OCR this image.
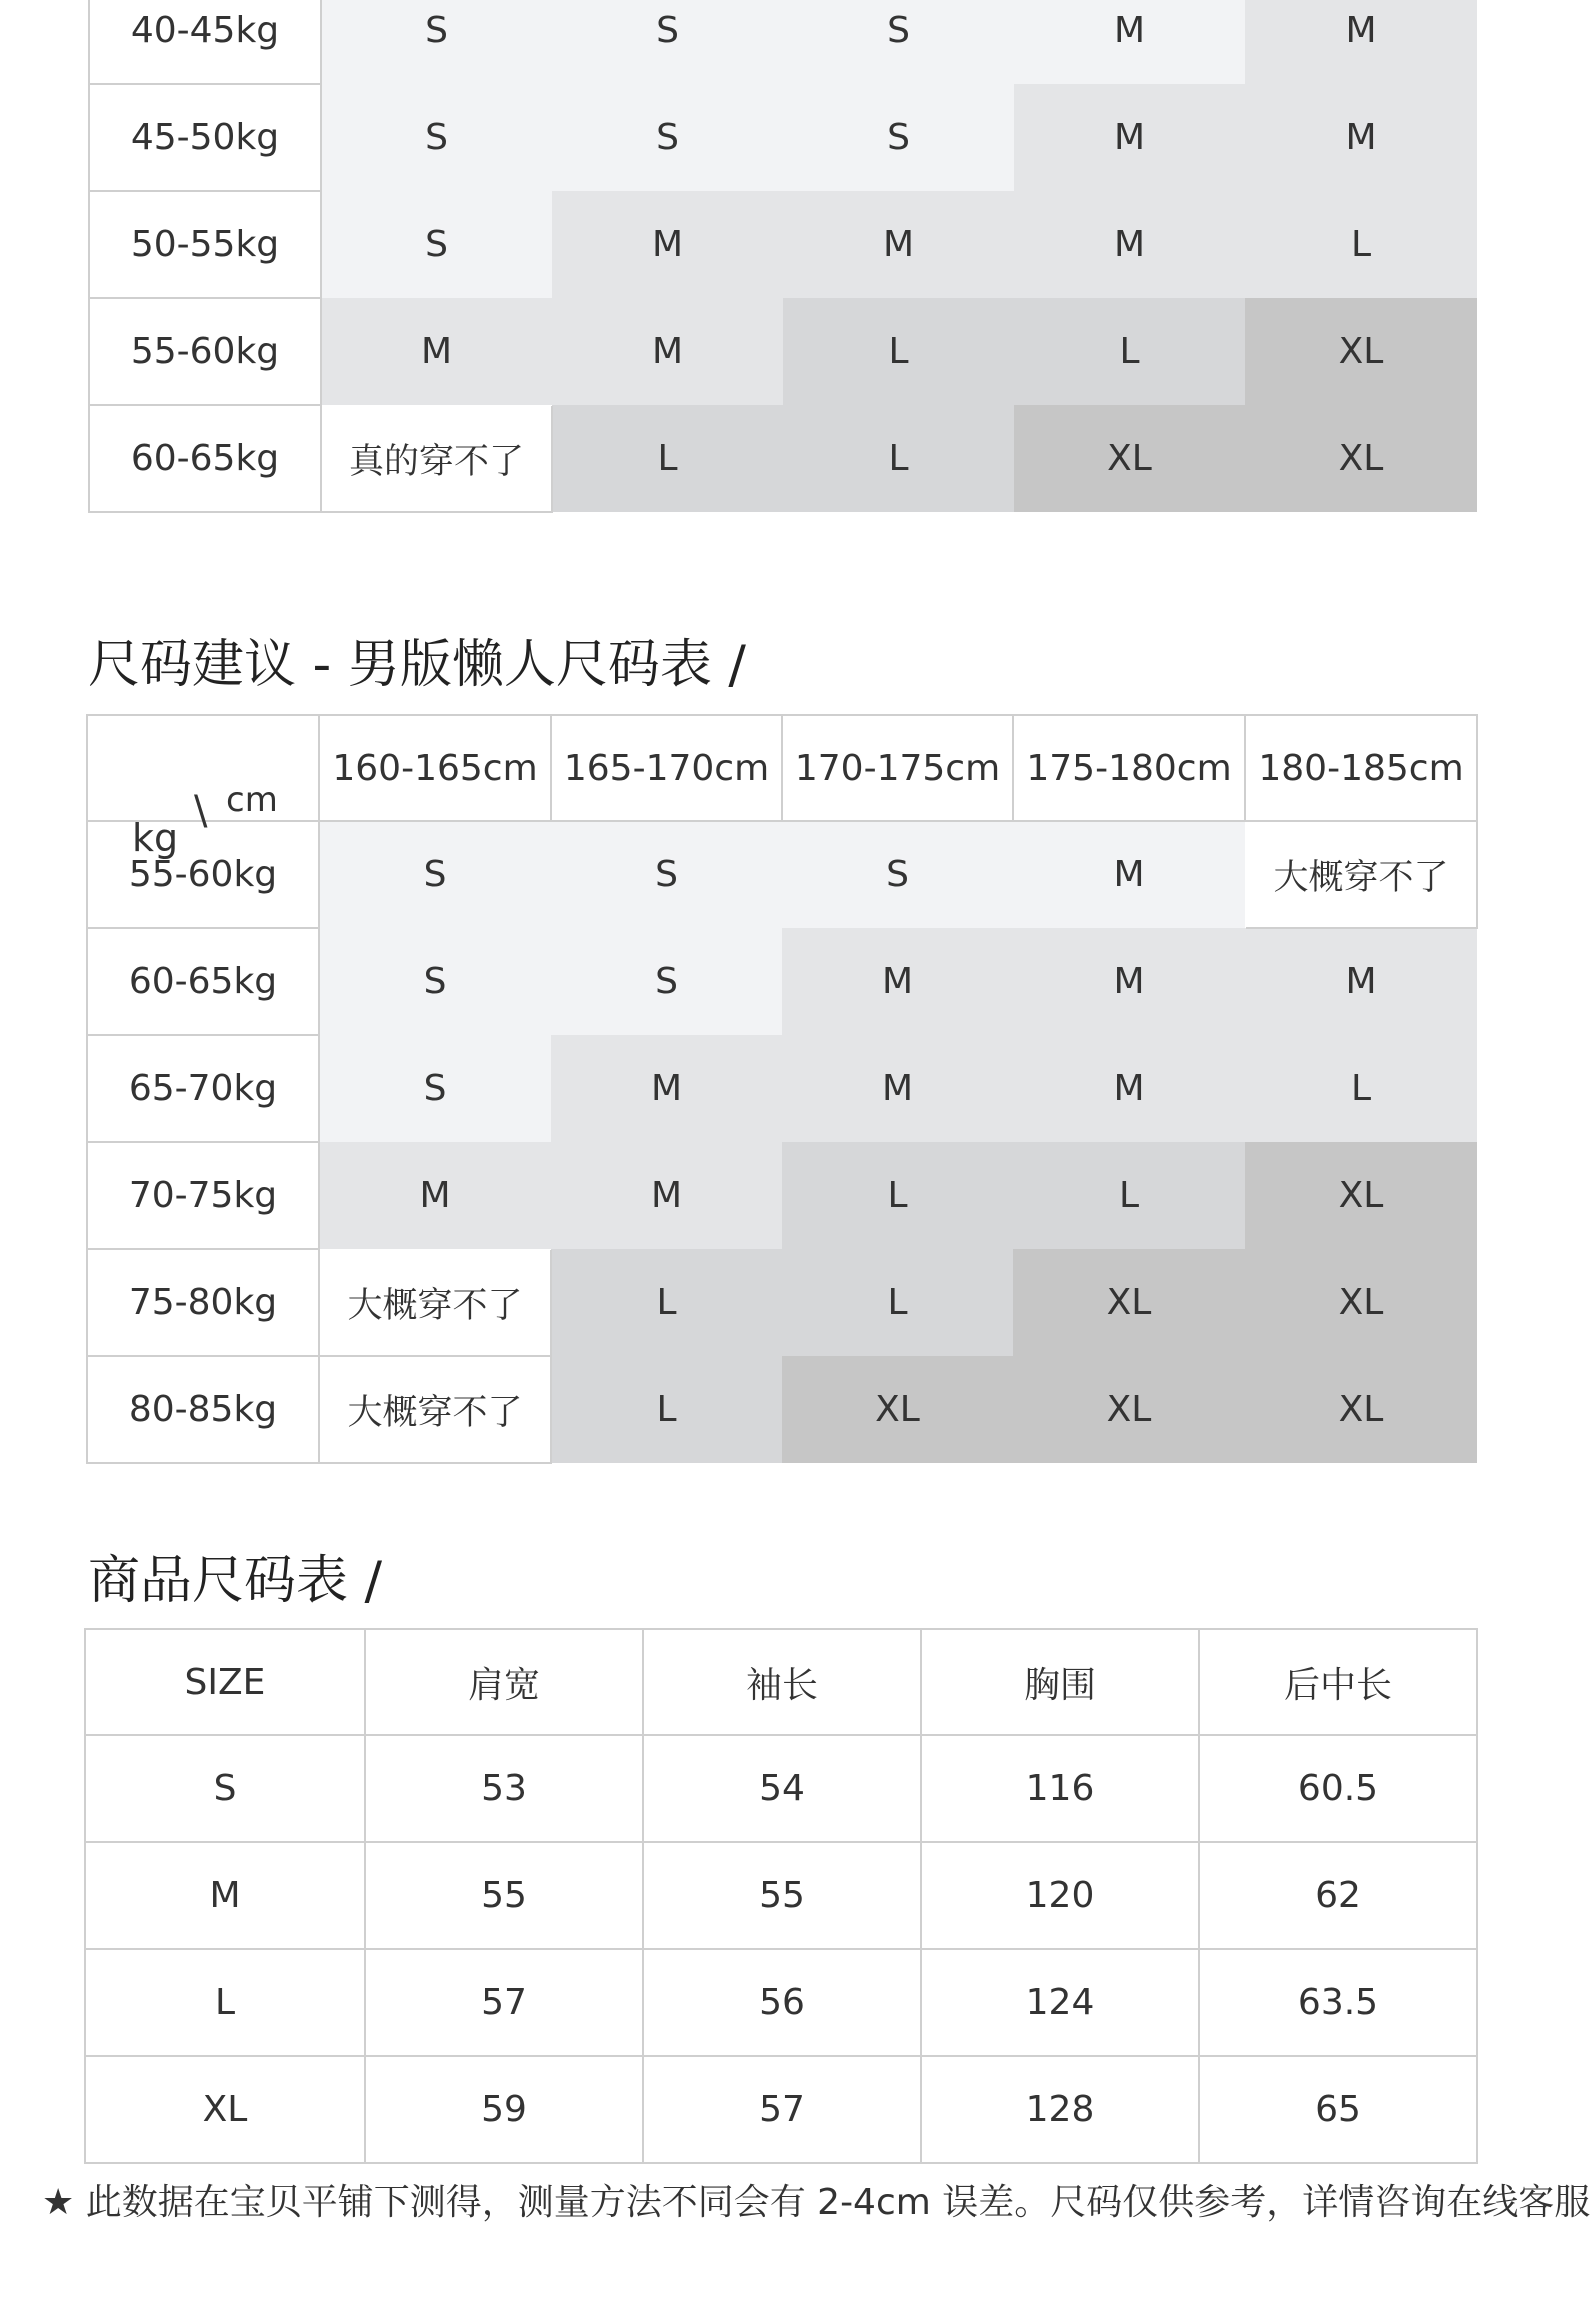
40-45kg	S	S	S	M	M
45-50kg	S	S	S	M	M
50-55kg	S	M	M	M	L
55-60kg	M	M	L	L	XL
60-65kg	真的穿不了	L	L	XL	XL
尺码建议 - 男版懒人尺码表 /
kg
\ cm	160-165cm	165-170cm	170-175cm	175-180cm	180-185cm
55-60kg	S	S	S	M	大概穿不了
60-65kg	S	S	M	M	M
65-70kg	S	M	M	M	L
70-75kg	M	M	L	L	XL
75-80kg	大概穿不了	L	L	XL	XL
80-85kg	大概穿不了	L	XL	XL	XL
商品尺码表 /
SIZE	肩宽	袖长	胸围	后中长
S	53	54	116	60.5
M	55	55	120	62
L	57	56	124	63.5
XL	59	57	128	65
★ 此数据在宝贝平铺下测得，测量方法不同会有 2-4cm 误差。尺码仅供参考，详情咨询在线客服
